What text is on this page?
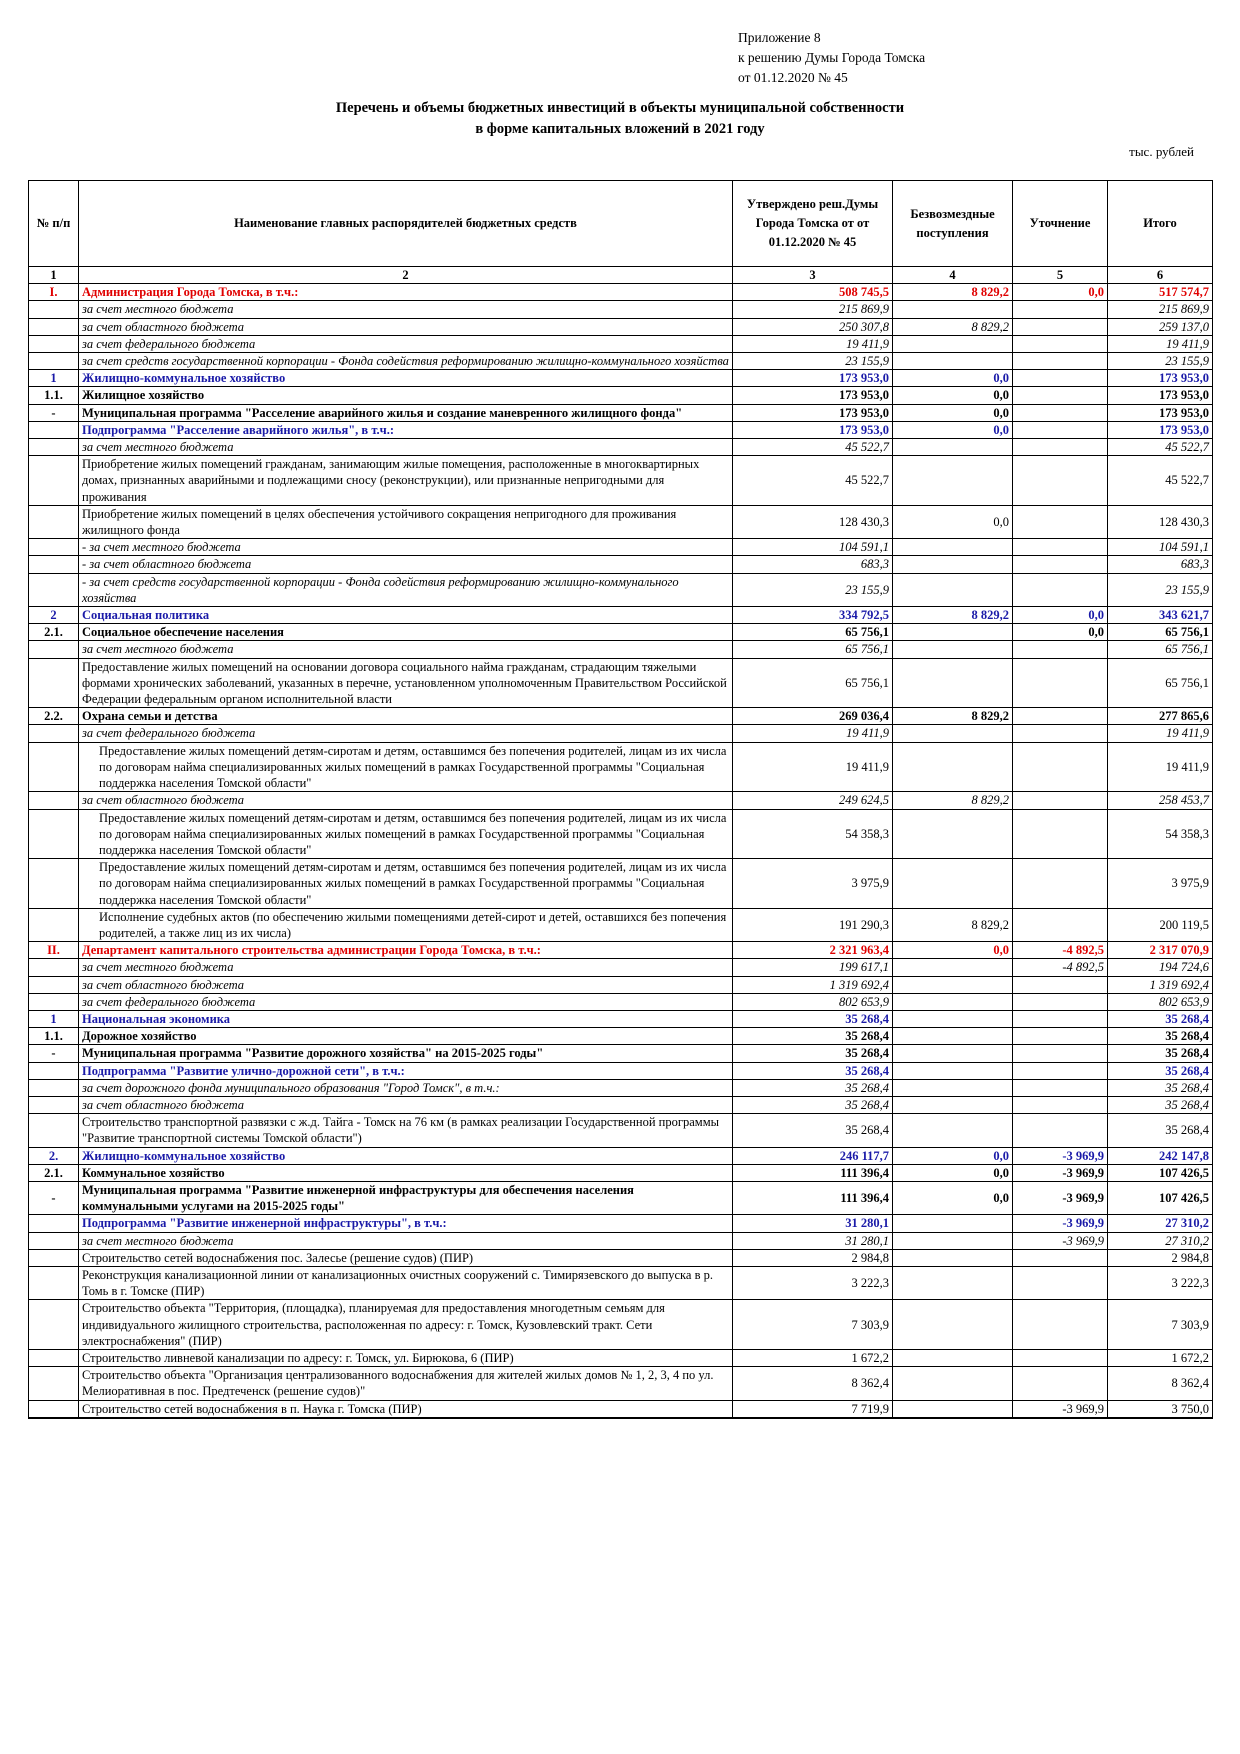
Приложение 8
к решению Думы Города Томска
от 01.12.2020 № 45
Перечень и объемы бюджетных инвестиций в объекты муниципальной собственности
в форме капитальных вложений в 2021 году
тыс. рублей
№ п/п	Наименование главных распорядителей бюджетных средств	Утверждено реш.Думы Города Томска от от 01.12.2020 № 45	Безвозмездные поступления	Уточнение	Итого
1	2	3	4	5	6
I.	Администрация Города Томска, в т.ч.:	508 745,5	8 829,2	0,0	517 574,7
	за счет местного бюджета	215 869,9			215 869,9
	за счет областного бюджета	250 307,8	8 829,2		259 137,0
	за счет федерального бюджета	19 411,9			19 411,9
	за счет средств государственной корпорации - Фонда содействия реформированию жилищно-коммунального хозяйства	23 155,9			23 155,9
1	Жилищно-коммунальное хозяйство	173 953,0	0,0		173 953,0
1.1.	Жилищное хозяйство	173 953,0	0,0		173 953,0
-	Муниципальная программа "Расселение аварийного жилья и создание маневренного жилищного фонда"	173 953,0	0,0		173 953,0
	Подпрограмма "Расселение аварийного жилья", в т.ч.:	173 953,0	0,0		173 953,0
	за счет местного бюджета	45 522,7			45 522,7
	Приобретение жилых помещений гражданам, занимающим жилые помещения, расположенные в многоквартирных домах, признанных аварийными и подлежащими сносу (реконструкции), или признанные непригодными для проживания	45 522,7			45 522,7
	Приобретение жилых помещений в целях обеспечения устойчивого сокращения непригодного для проживания жилищного фонда	128 430,3	0,0		128 430,3
	- за счет местного бюджета	104 591,1			104 591,1
	- за счет областного бюджета	683,3			683,3
	- за счет средств государственной корпорации - Фонда содействия реформированию жилищно-коммунального хозяйства	23 155,9			23 155,9
2	Социальная политика	334 792,5	8 829,2	0,0	343 621,7
2.1.	Социальное обеспечение населения	65 756,1		0,0	65 756,1
	за счет местного бюджета	65 756,1			65 756,1
	Предоставление жилых помещений на основании договора социального найма гражданам, страдающим тяжелыми формами хронических заболеваний, указанных в перечне, установленном уполномоченным Правительством Российской Федерации федеральным органом исполнительной власти	65 756,1			65 756,1
2.2.	Охрана семьи и детства	269 036,4	8 829,2		277 865,6
	за счет федерального бюджета	19 411,9			19 411,9
	Предоставление жилых помещений детям-сиротам и детям, оставшимся без попечения родителей, лицам из их числа по договорам найма специализированных жилых помещений в рамках Государственной программы "Социальная поддержка населения Томской области"	19 411,9			19 411,9
	за счет областного бюджета	249 624,5	8 829,2		258 453,7
	Предоставление жилых помещений детям-сиротам и детям, оставшимся без попечения родителей, лицам из их числа по договорам найма специализированных жилых помещений в рамках Государственной программы "Социальная поддержка населения Томской области"	54 358,3			54 358,3
	Предоставление жилых помещений детям-сиротам и детям, оставшимся без попечения родителей, лицам из их числа по договорам найма специализированных жилых помещений в рамках Государственной программы "Социальная поддержка населения Томской области"	3 975,9			3 975,9
	Исполнение судебных актов (по обеспечению жилыми помещениями детей-сирот и детей, оставшихся без попечения родителей, а также лиц из их числа)	191 290,3	8 829,2		200 119,5
II.	Департамент капитального строительства администрации Города Томска, в т.ч.:	2 321 963,4	0,0	-4 892,5	2 317 070,9
	за счет местного бюджета	199 617,1		-4 892,5	194 724,6
	за счет областного бюджета	1 319 692,4			1 319 692,4
	за счет федерального бюджета	802 653,9			802 653,9
1	Национальная экономика	35 268,4			35 268,4
1.1.	Дорожное хозяйство	35 268,4			35 268,4
-	Муниципальная программа "Развитие дорожного хозяйства" на 2015-2025 годы"	35 268,4			35 268,4
	Подпрограмма "Развитие улично-дорожной сети", в т.ч.:	35 268,4			35 268,4
	за счет дорожного фонда муниципального образования "Город Томск", в т.ч.:	35 268,4			35 268,4
	за счет областного бюджета	35 268,4			35 268,4
	Строительство транспортной развязки с ж.д. Тайга - Томск на 76 км (в рамках реализации Государственной программы "Развитие транспортной системы Томской области")	35 268,4			35 268,4
2.	Жилищно-коммунальное хозяйство	246 117,7	0,0	-3 969,9	242 147,8
2.1.	Коммунальное хозяйство	111 396,4	0,0	-3 969,9	107 426,5
-	Муниципальная программа "Развитие инженерной инфраструктуры для обеспечения населения коммунальными услугами на 2015-2025 годы"	111 396,4	0,0	-3 969,9	107 426,5
	Подпрограмма "Развитие инженерной инфраструктуры", в т.ч.:	31 280,1		-3 969,9	27 310,2
	за счет местного бюджета	31 280,1		-3 969,9	27 310,2
	Строительство сетей водоснабжения пос. Залесье (решение судов) (ПИР)	2 984,8			2 984,8
	Реконструкция канализационной линии от канализационных очистных сооружений с. Тимирязевского до выпуска в р. Томь в г. Томске (ПИР)	3 222,3			3 222,3
	Строительство объекта "Территория, (площадка), планируемая для предоставления многодетным семьям для индивидуального жилищного строительства, расположенная по адресу: г. Томск, Кузовлевский тракт. Сети электроснабжения" (ПИР)	7 303,9			7 303,9
	Строительство ливневой канализации по адресу: г. Томск, ул. Бирюкова, 6 (ПИР)	1 672,2			1 672,2
	Строительство объекта "Организация централизованного водоснабжения для жителей жилых домов № 1, 2, 3, 4 по ул. Мелиоративная в пос. Предтеченск (решение судов)"	8 362,4			8 362,4
	Строительство сетей водоснабжения в п. Наука г. Томска (ПИР)	7 719,9		-3 969,9	3 750,0
